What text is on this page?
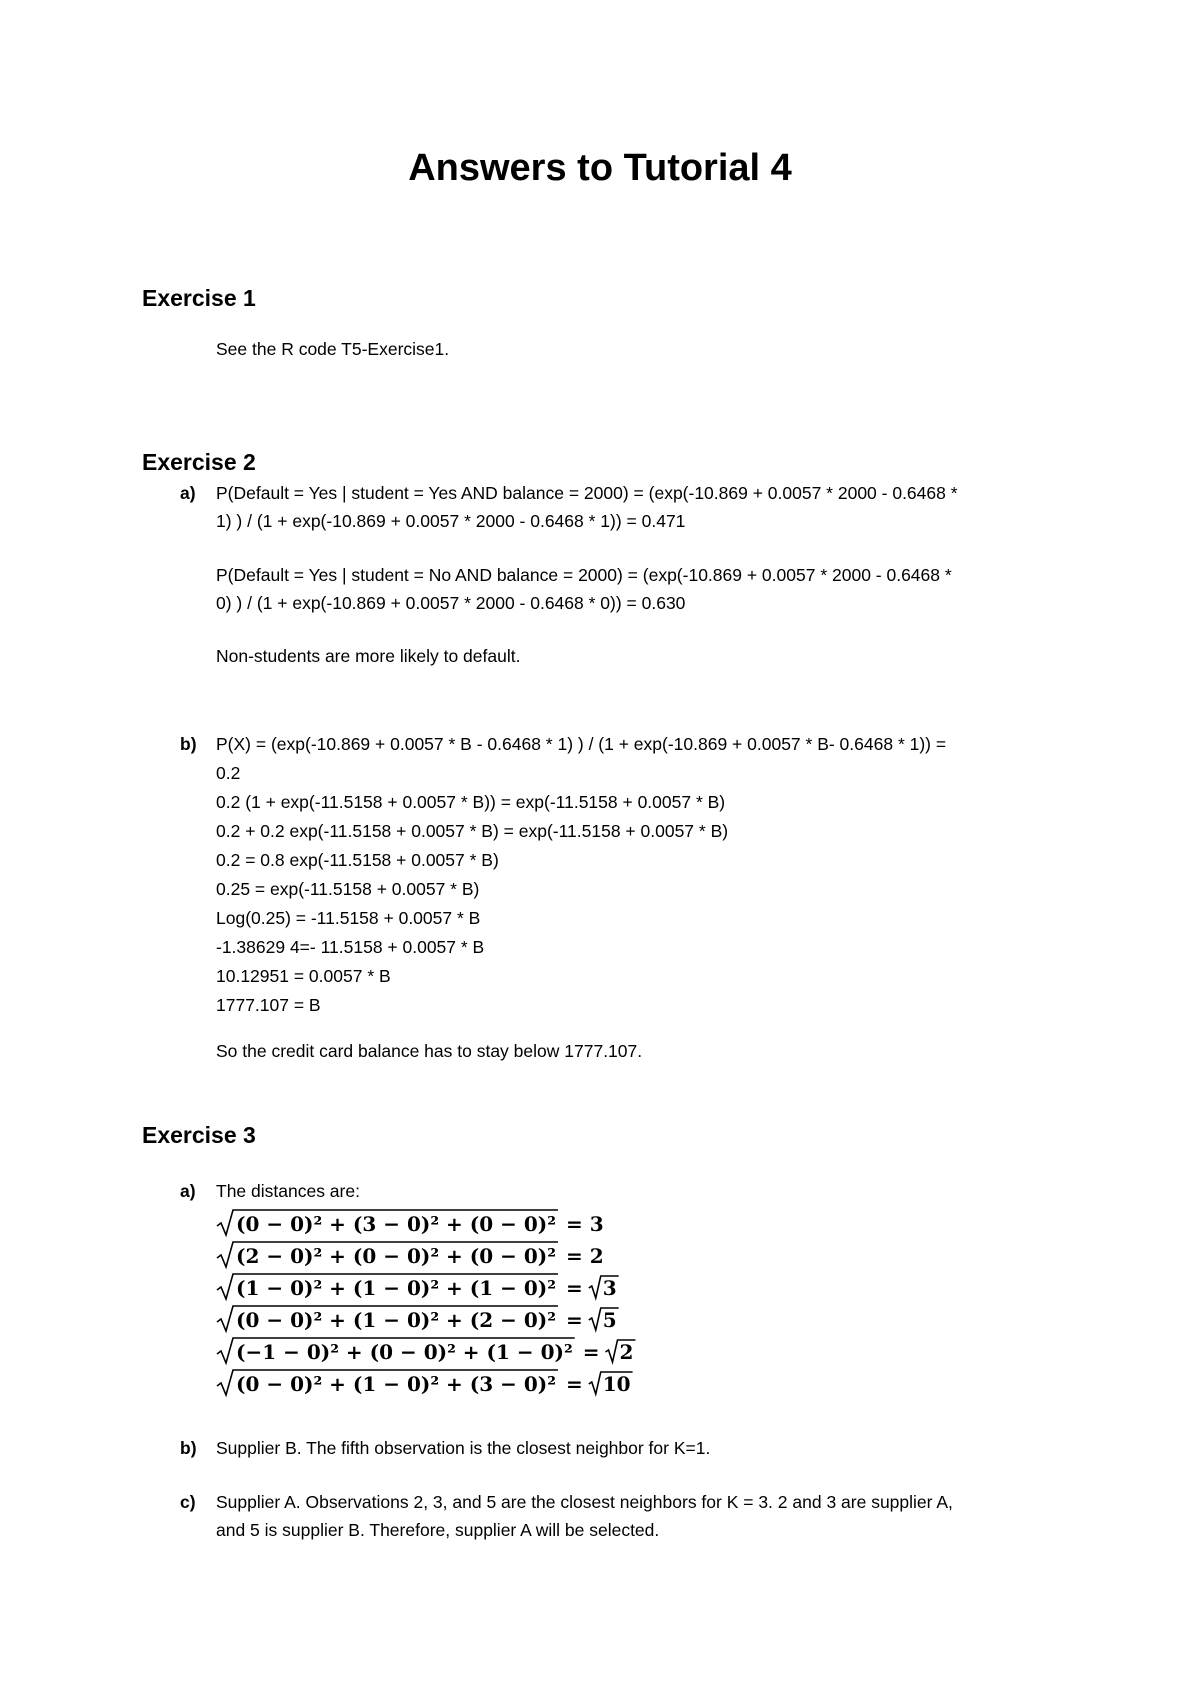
Answers to Tutorial 4
Exercise 1
See the R code T5-Exercise1.
Exercise 2
a) P(Default = Yes | student = Yes AND balance = 2000) = (exp(-10.869 + 0.0057 * 2000 - 0.6468 *
1) ) / (1 + exp(-10.869 + 0.0057 * 2000 - 0.6468 * 1)) = 0.471
P(Default = Yes | student = No AND balance = 2000) = (exp(-10.869 + 0.0057 * 2000 - 0.6468 *
0) ) / (1 + exp(-10.869 + 0.0057 * 2000 - 0.6468 * 0)) = 0.630
Non-students are more likely to default.
b) P(X) = (exp(-10.869 + 0.0057 * B - 0.6468 * 1) ) / (1 + exp(-10.869 + 0.0057 * B- 0.6468 * 1)) =
0.2
0.2 (1 + exp(-11.5158 + 0.0057 * B)) = exp(-11.5158 + 0.0057 * B)
0.2 + 0.2 exp(-11.5158 + 0.0057 * B) = exp(-11.5158 + 0.0057 * B)
0.2 = 0.8 exp(-11.5158 + 0.0057 * B)
0.25 = exp(-11.5158 + 0.0057 * B)
Log(0.25) = -11.5158 + 0.0057 * B
-1.38629 4=- 11.5158 + 0.0057 * B
10.12951 = 0.0057 * B
1777.107 = B
So the credit card balance has to stay below 1777.107.
Exercise 3
a) The distances are:
(0 − 0)² + (3 − 0)² + (0 − 0)² = 3
(2 − 0)² + (0 − 0)² + (0 − 0)² = 2
(1 − 0)² + (1 − 0)² + (1 − 0)² = 3
(0 − 0)² + (1 − 0)² + (2 − 0)² = 5
(−1 − 0)² + (0 − 0)² + (1 − 0)² = 2
(0 − 0)² + (1 − 0)² + (3 − 0)² = 10
b) Supplier B. The fifth observation is the closest neighbor for K=1.
c) Supplier A. Observations 2, 3, and 5 are the closest neighbors for K = 3. 2 and 3 are supplier A,
and 5 is supplier B. Therefore, supplier A will be selected.
